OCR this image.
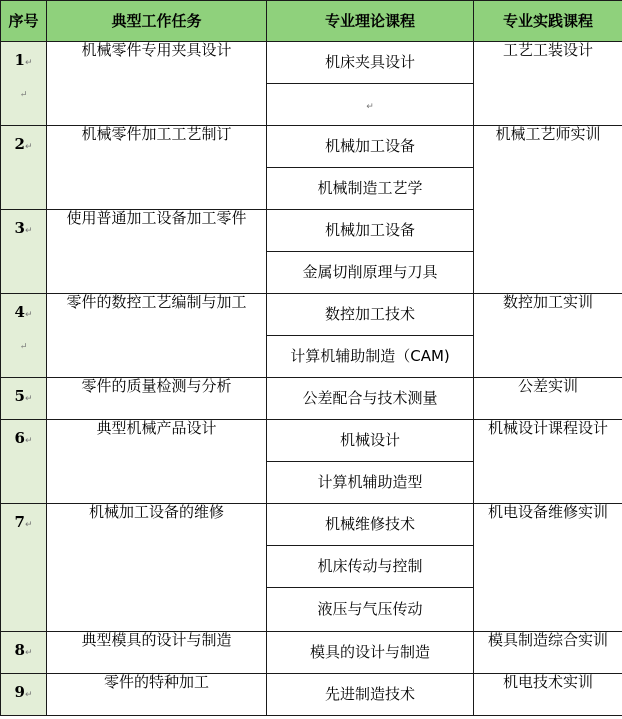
序号	典型工作任务	专业理论课程	专业实践课程

1↵
↵	机械零件专用夹具设计	机床夹具设计	工艺工装设计
		↵	

2↵	机械零件加工工艺制订	机械加工设备	机械工艺师实训
		机械制造工艺学	

3↵	使用普通加工设备加工零件	机械加工设备	
		金属切削原理与刀具	

4↵
↵	零件的数控工艺编制与加工	数控加工技术	数控加工实训
		计算机辅助制造（CAM)	

5↵	零件的质量检测与分析	公差配合与技术测量	公差实训

6↵	典型机械产品设计	机械设计	机械设计课程设计
		计算机辅助造型	

7↵	机械加工设备的维修	机械维修技术	机电设备维修实训
		机床传动与控制	
		液压与气压传动	

8↵	典型模具的设计与制造	模具的设计与制造	模具制造综合实训

9↵	零件的特种加工	先进制造技术	机电技术实训
